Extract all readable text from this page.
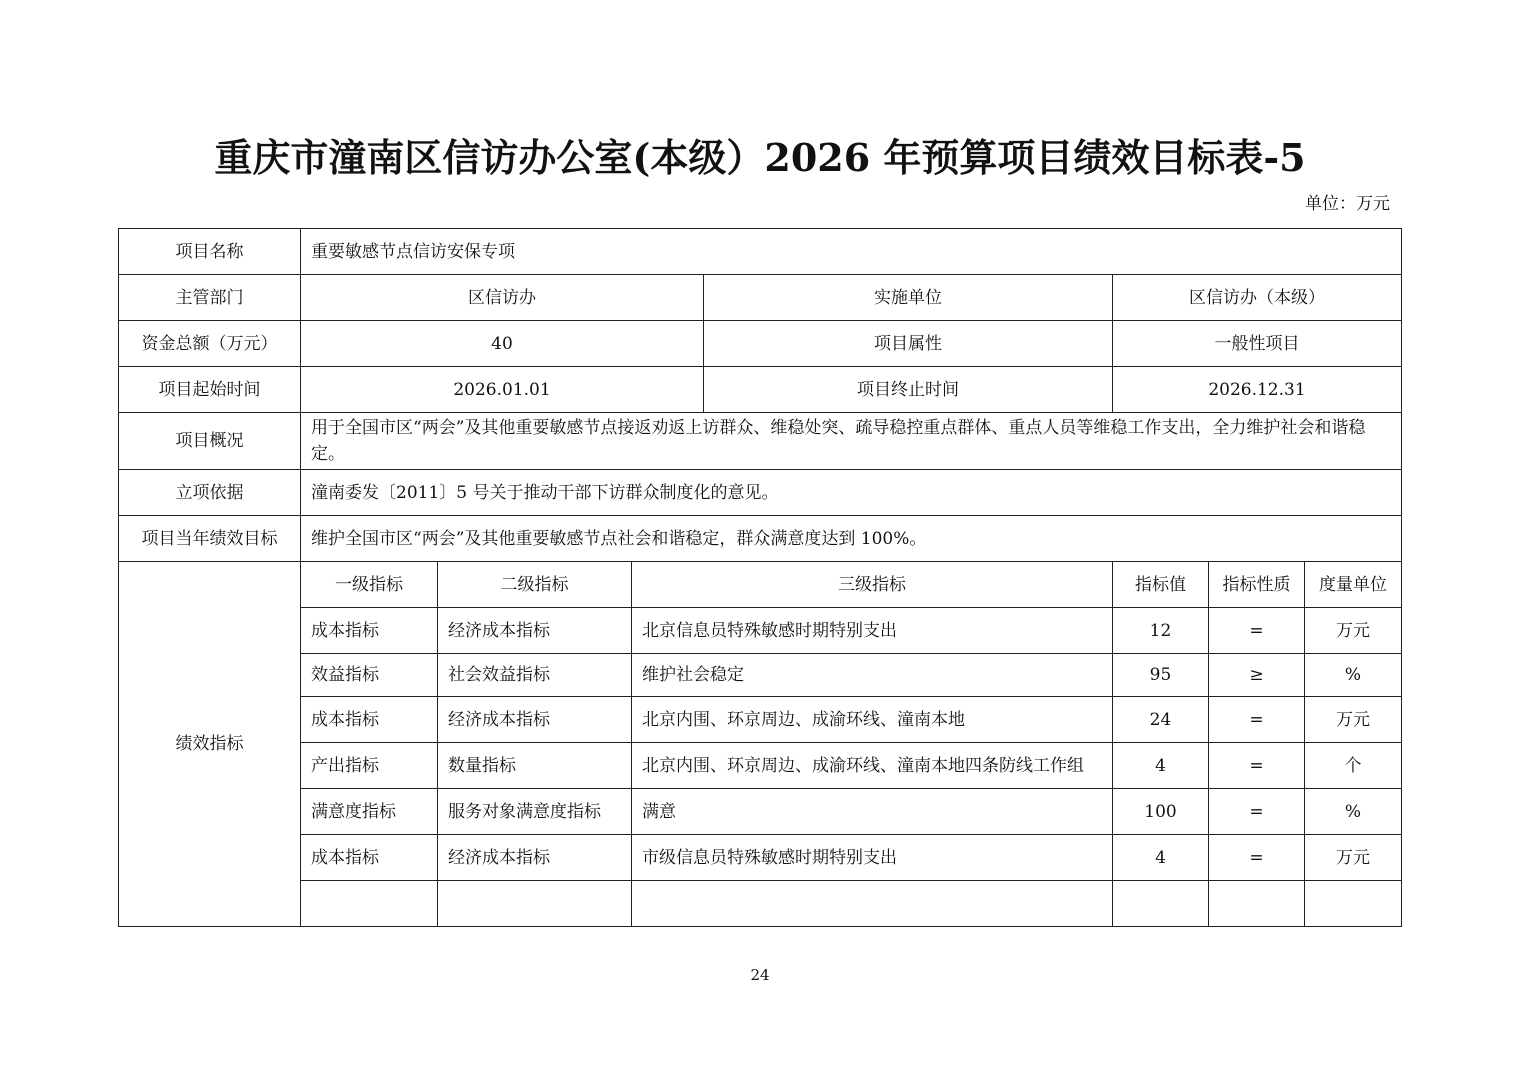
重庆市潼南区信访办公室(本级）2026 年预算项目绩效目标表-5
单位：万元
项目名称	重要敏感节点信访安保专项						
主管部门	区信访办			实施单位	区信访办（本级）		
资金总额（万元）	40			项目属性	一般性项目		
项目起始时间	2026.01.01			项目终止时间	2026.12.31		
项目概况	用于全国市区“两会”及其他重要敏感节点接返劝返上访群众、维稳处突、疏导稳控重点群体、重点人员等维稳工作支出，全力维护社会和谐稳定。						
立项依据	潼南委发〔2011〕5 号关于推动干部下访群众制度化的意见。						
项目当年绩效目标	维护全国市区“两会”及其他重要敏感节点社会和谐稳定，群众满意度达到 100%。						
绩效指标	一级指标	二级指标	三级指标		指标值	指标性质	度量单位
	成本指标	经济成本指标	北京信息员特殊敏感时期特别支出		12	=	万元
	效益指标	社会效益指标	维护社会稳定		95	≥	%
	成本指标	经济成本指标	北京内围、环京周边、成渝环线、潼南本地		24	=	万元
	产出指标	数量指标	北京内围、环京周边、成渝环线、潼南本地四条防线工作组		4	=	个
	满意度指标	服务对象满意度指标	满意		100	=	%
	成本指标	经济成本指标	市级信息员特殊敏感时期特别支出		4	=	万元

24
